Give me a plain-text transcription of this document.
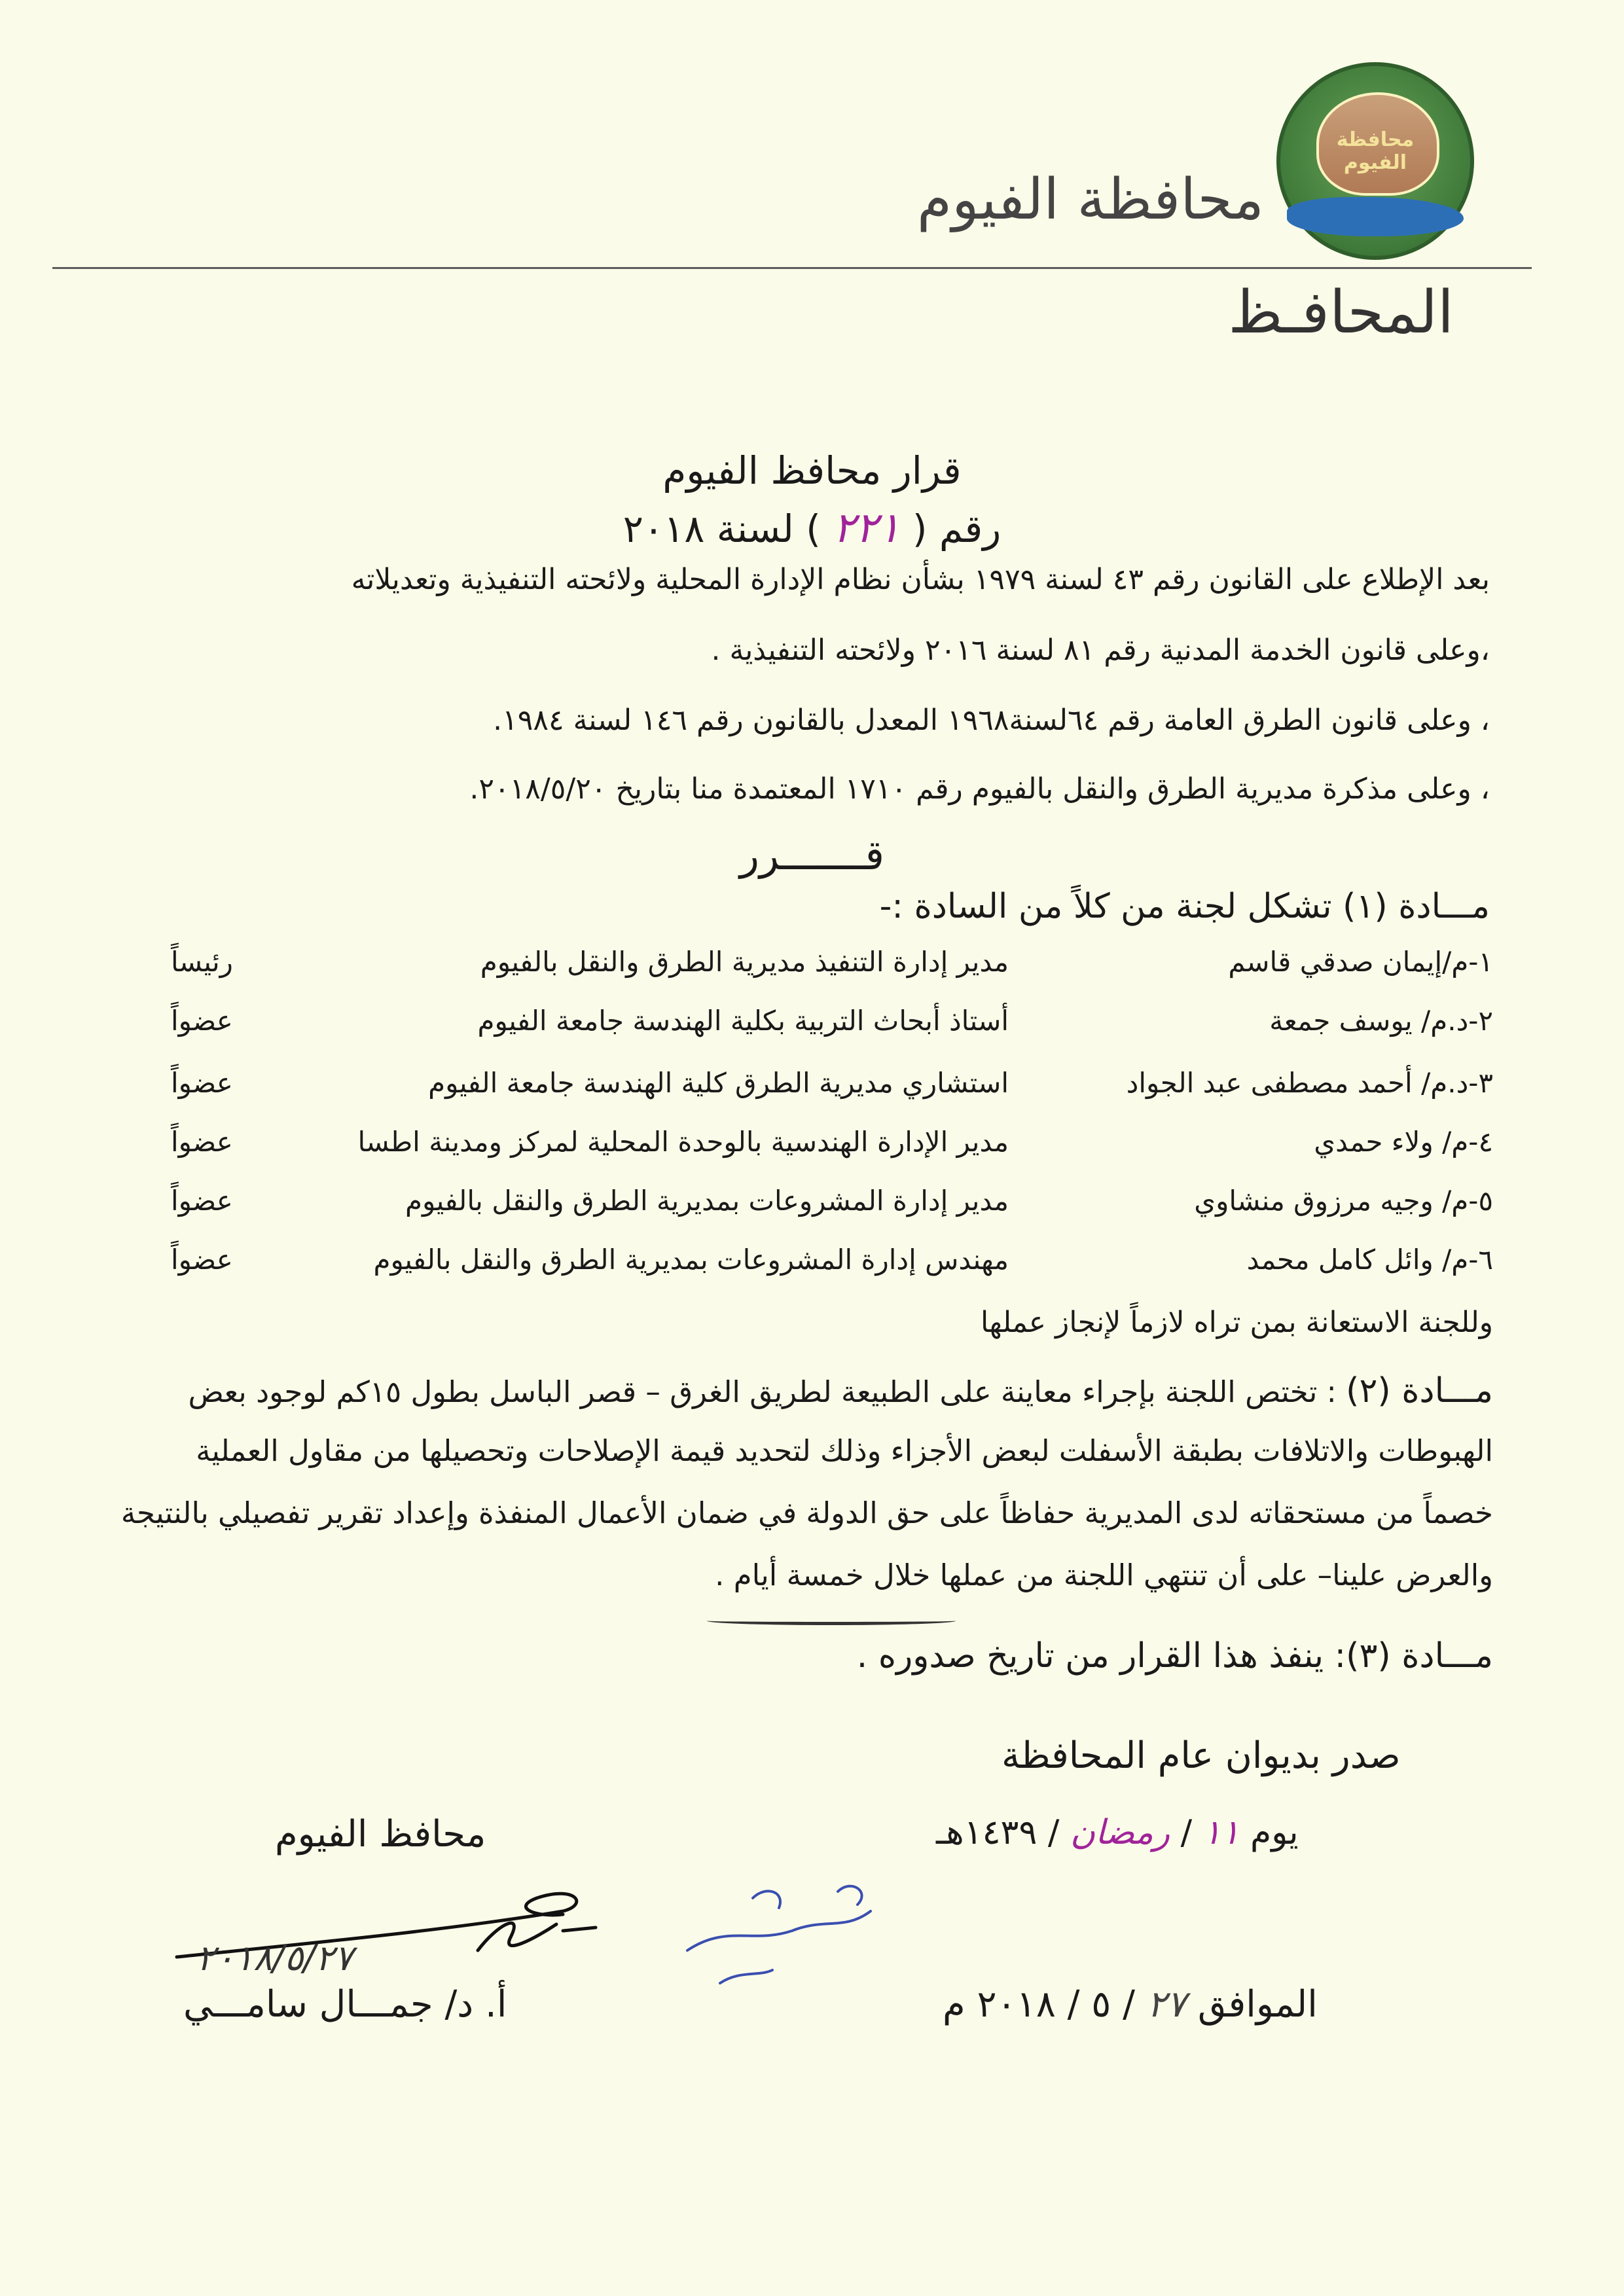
محافظة الفيوم
محافظة الفيوم
المحافـظ
قرار محافظ الفيوم
رقم ( ٢٢١ ) لسنة ٢٠١٨
بعد الإطلاع على القانون رقم ٤٣ لسنة ١٩٧٩ بشأن نظام الإدارة المحلية ولائحته التنفيذية وتعديلاته
،وعلى قانون الخدمة المدنية رقم ٨١ لسنة ٢٠١٦ ولائحته التنفيذية .
، وعلى قانون الطرق العامة رقم ٦٤لسنة١٩٦٨ المعدل بالقانون رقم ١٤٦ لسنة ١٩٨٤.
، وعلى مذكرة مديرية الطرق والنقل بالفيوم رقم ١٧١٠ المعتمدة منا بتاريخ ٢٠١٨/٥/٢٠.
قـــــــرر
مـــادة (١) تشكل لجنة من كلاً من السادة :-
١-م/إيمان صدقي قاسم
مدير إدارة التنفيذ مديرية الطرق والنقل بالفيوم
رئيساً
٢-د.م/ يوسف جمعة
أستاذ أبحاث التربية بكلية الهندسة جامعة الفيوم
عضواً
٣-د.م/ أحمد مصطفى عبد الجواد
استشاري مديرية الطرق كلية الهندسة جامعة الفيوم
عضواً
٤-م/ ولاء حمدي
مدير الإدارة الهندسية بالوحدة المحلية لمركز ومدينة اطسا
عضواً
٥-م/ وجيه مرزوق منشاوي
مدير إدارة المشروعات بمديرية الطرق والنقل بالفيوم
عضواً
٦-م/ وائل كامل محمد
مهندس إدارة المشروعات بمديرية الطرق والنقل بالفيوم
عضواً
وللجنة الاستعانة بمن تراه لازماً لإنجاز عملها
مـــادة (٢) : تختص اللجنة بإجراء معاينة على الطبيعة لطريق الغرق – قصر الباسل بطول ١٥كم لوجود بعض
الهبوطات والاتلافات بطبقة الأسفلت لبعض الأجزاء وذلك لتحديد قيمة الإصلاحات وتحصيلها من مقاول العملية
خصماً من مستحقاته لدى المديرية حفاظاً على حق الدولة في ضمان الأعمال المنفذة وإعداد تقرير تفصيلي بالنتيجة
والعرض علينا– على أن تنتهي اللجنة من عملها خلال خمسة أيام .
مـــادة (٣): ينفذ هذا القرار من تاريخ صدوره .
صدر بديوان عام المحافظة
يوم ١١ / رمضان / ١٤٣٩هـ
الموافق ٢٧ / ٥ / ٢٠١٨ م
محافظ الفيوم
٢٠١٨/٥/٢٧
أ. د/ جمـــال سامـــي
